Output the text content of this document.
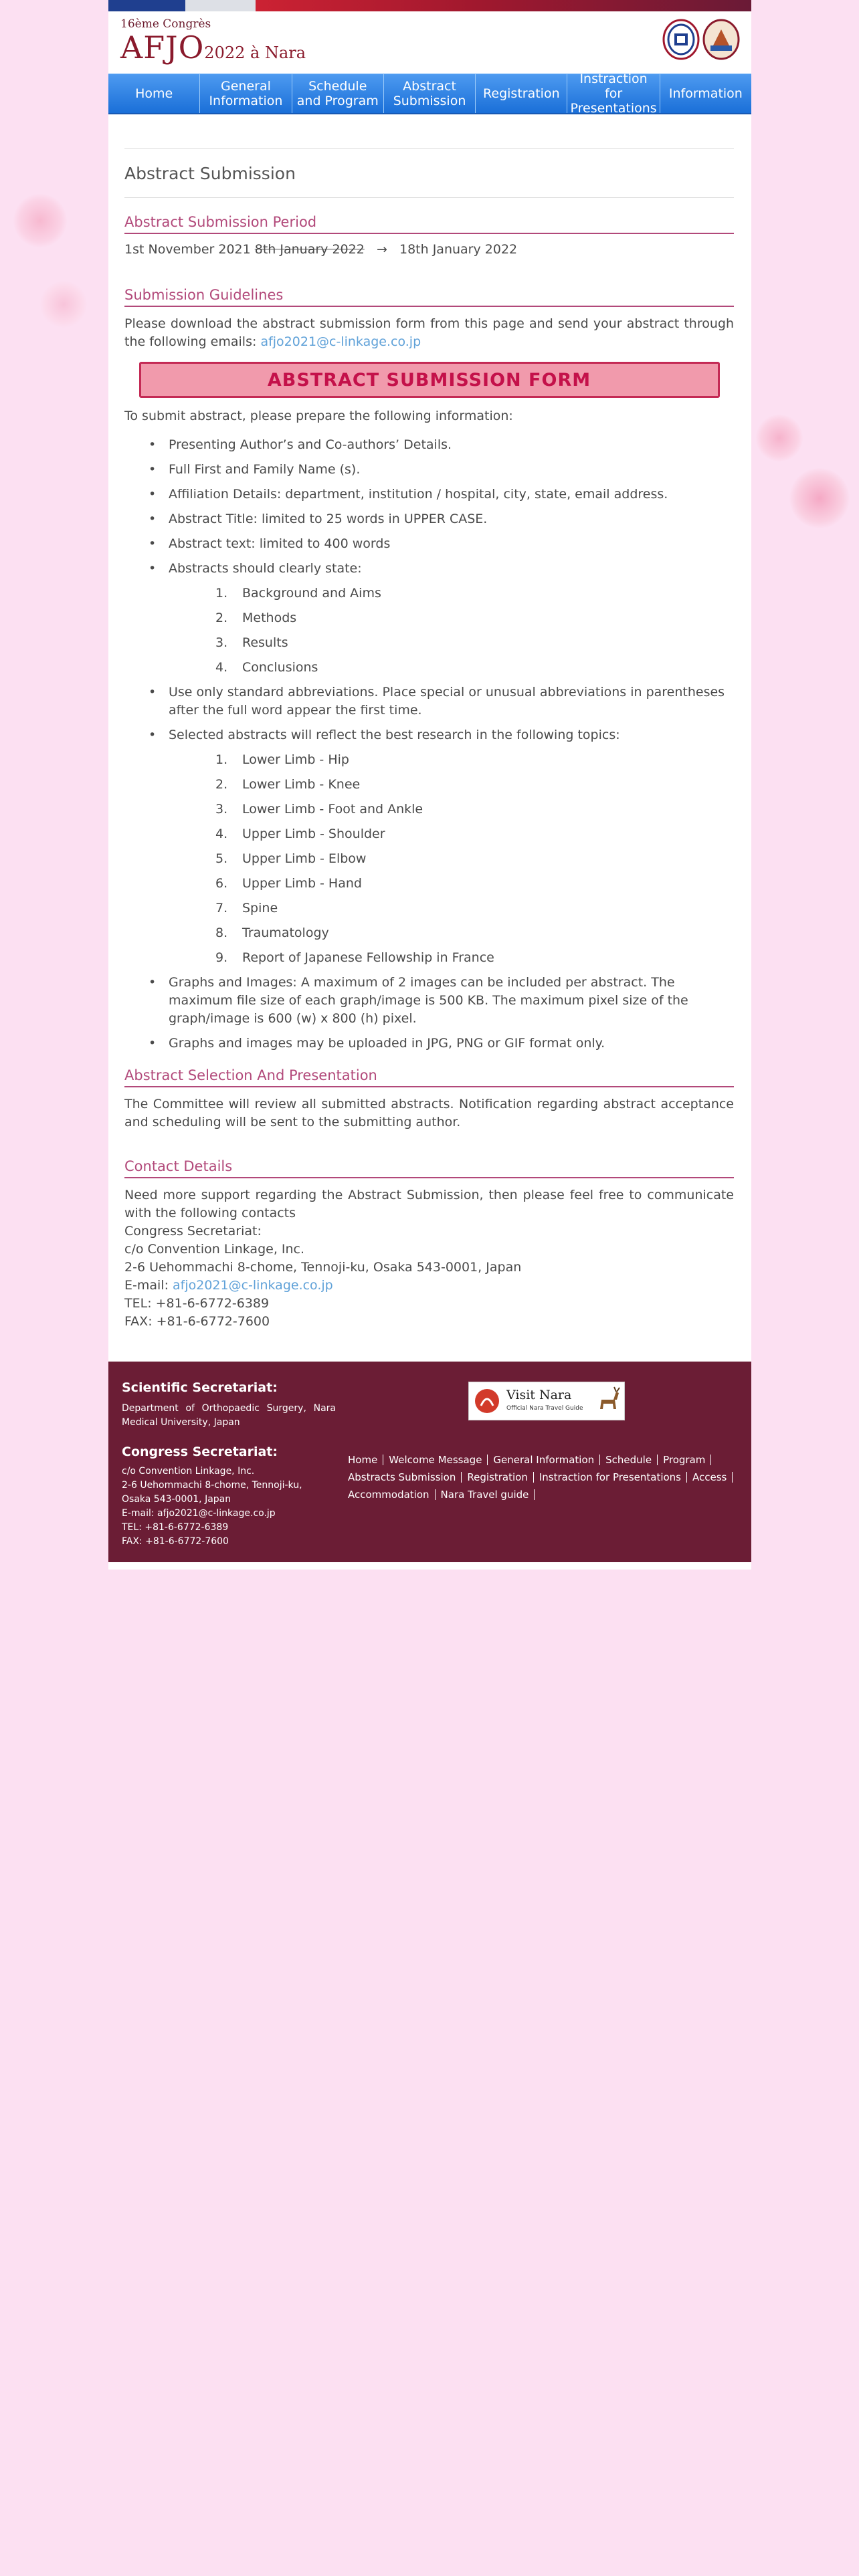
16ème Congrès
AFJO2022 à Nara
Home	General Information
Schedule and Program
Abstract Submission	Registration
Instraction for Presentations
Information
Abstract Submission
Abstract Submission Period
1st November 2021 8th January 2022 → 18th January 2022
Submission Guidelines
Please download the abstract submission form from this page and send your abstract through the following emails: afjo2021@c-linkage.co.jp
ABSTRACT SUBMISSION FORM
To submit abstract, please prepare the following information:
• Presenting Author’s and Co-authors’ Details.
• Full First and Family Name (s).
• Affiliation Details: department, institution / hospital, city, state, email address.
• Abstract Title: limited to 25 words in UPPER CASE.
• Abstract text: limited to 400 words
• Abstracts should clearly state:
1.	Background and Aims
2.	Methods
3.	Results
4.	Conclusions
• Use only standard abbreviations. Place special or unusual abbreviations in parentheses after the full word appear the first time.
• Selected abstracts will reflect the best research in the following topics:
1.	Lower Limb - Hip
2.	Lower Limb - Knee
3.	Lower Limb - Foot and Ankle
4.	Upper Limb - Shoulder
5.	Upper Limb - Elbow
6.	Upper Limb - Hand
7.	Spine
8.	Traumatology
9.	Report of Japanese Fellowship in France
• Graphs and Images: A maximum of 2 images can be included per abstract. The maximum file size of each graph/image is 500 KB. The maximum pixel size of the graph/image is 600 (w) x 800 (h) pixel.
• Graphs and images may be uploaded in JPG, PNG or GIF format only.
Abstract Selection And Presentation
The Committee will review all submitted abstracts. Notification regarding abstract acceptance and scheduling will be sent to the submitting author.
Contact Details
Need more support regarding the Abstract Submission, then please feel free to communicate with the following contacts
Congress Secretariat:
c/o Convention Linkage, Inc.
2-6 Uehommachi 8-chome, Tennoji-ku, Osaka 543-0001, Japan
E-mail: afjo2021@c-linkage.co.jp
TEL: +81-6-6772-6389
FAX: +81-6-6772-7600
Scientific Secretariat:
Department of Orthopaedic Surgery, Nara Medical University, Japan
Congress Secretariat:
c/o Convention Linkage, Inc.
2-6 Uehommachi 8-chome, Tennoji-ku,
Osaka 543-0001, Japan
E-mail: afjo2021@c-linkage.co.jp
TEL: +81-6-6772-6389
FAX: +81-6-6772-7600
Visit Nara
Official Nara Travel Guide
Home Welcome Message General Information Schedule Program
Abstracts Submission Registration Instraction for Presentations Access
Accommodation Nara Travel guide
